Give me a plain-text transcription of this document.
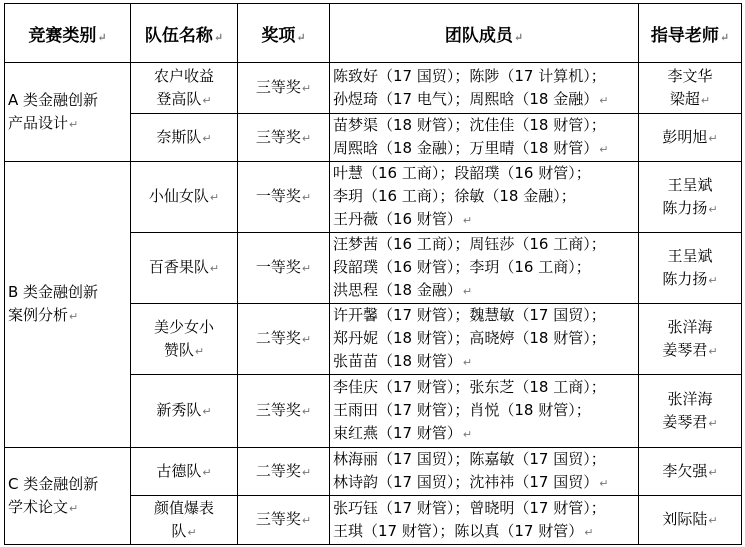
竞赛类别↵	队伍名称↵	奖项↵	团队成员↵	指导老师↵

A 类金融创新
产品设计↵	农户收益
登高队↵	三等奖↵	陈致好（17 国贸）；陈陟（17 计算机）；
孙煜琦（17 电气）；周熙晗（18 金融）↵	李文华
梁超↵

	奈斯队↵	三等奖↵	苗梦渠（18 财管）；沈佳佳（18 财管）；
周熙晗（18 金融）；万里晴（18 财管）↵	彭明旭↵

B 类金融创新
案例分析↵	小仙女队↵	一等奖↵	叶慧（16 工商）；段韶璞（16 财管）；
李玥（16 工商）；徐敏（18 金融）；
王丹薇（16 财管）↵	王呈斌
陈力扬↵

	百香果队↵	一等奖↵	汪梦茜（16 工商）；周钰莎（16 工商）；
段韶璞（16 财管）；李玥（16 工商）；
洪思程（18 金融）↵	王呈斌
陈力扬↵

	美少女小
赞队↵	二等奖↵	许开馨（17 财管）；魏慧敏（17 国贸）；
郑丹妮（18 财管）；高晓婷（18 财管）；
张苗苗（18 财管）↵	张洋海
姜琴君↵

	新秀队↵	三等奖↵	李佳庆（17 财管）；张东芝（18 工商）；
王雨田（17 财管）；肖悦（18 财管）；
束红燕（17 财管）↵	张洋海
姜琴君↵

C 类金融创新
学术论文↵	古德队↵	二等奖↵	林海丽（17 国贸）；陈嘉敏（17 国贸）；
林诗韵（17 国贸）；沈祎祎（17 国贸）↵	李欠强↵

	颜值爆表
队↵	三等奖↵	张巧钰（17 财管）；曾晓明（17 财管）；
王琪（17 财管）；陈以真（17 财管）↵	刘际陆↵
